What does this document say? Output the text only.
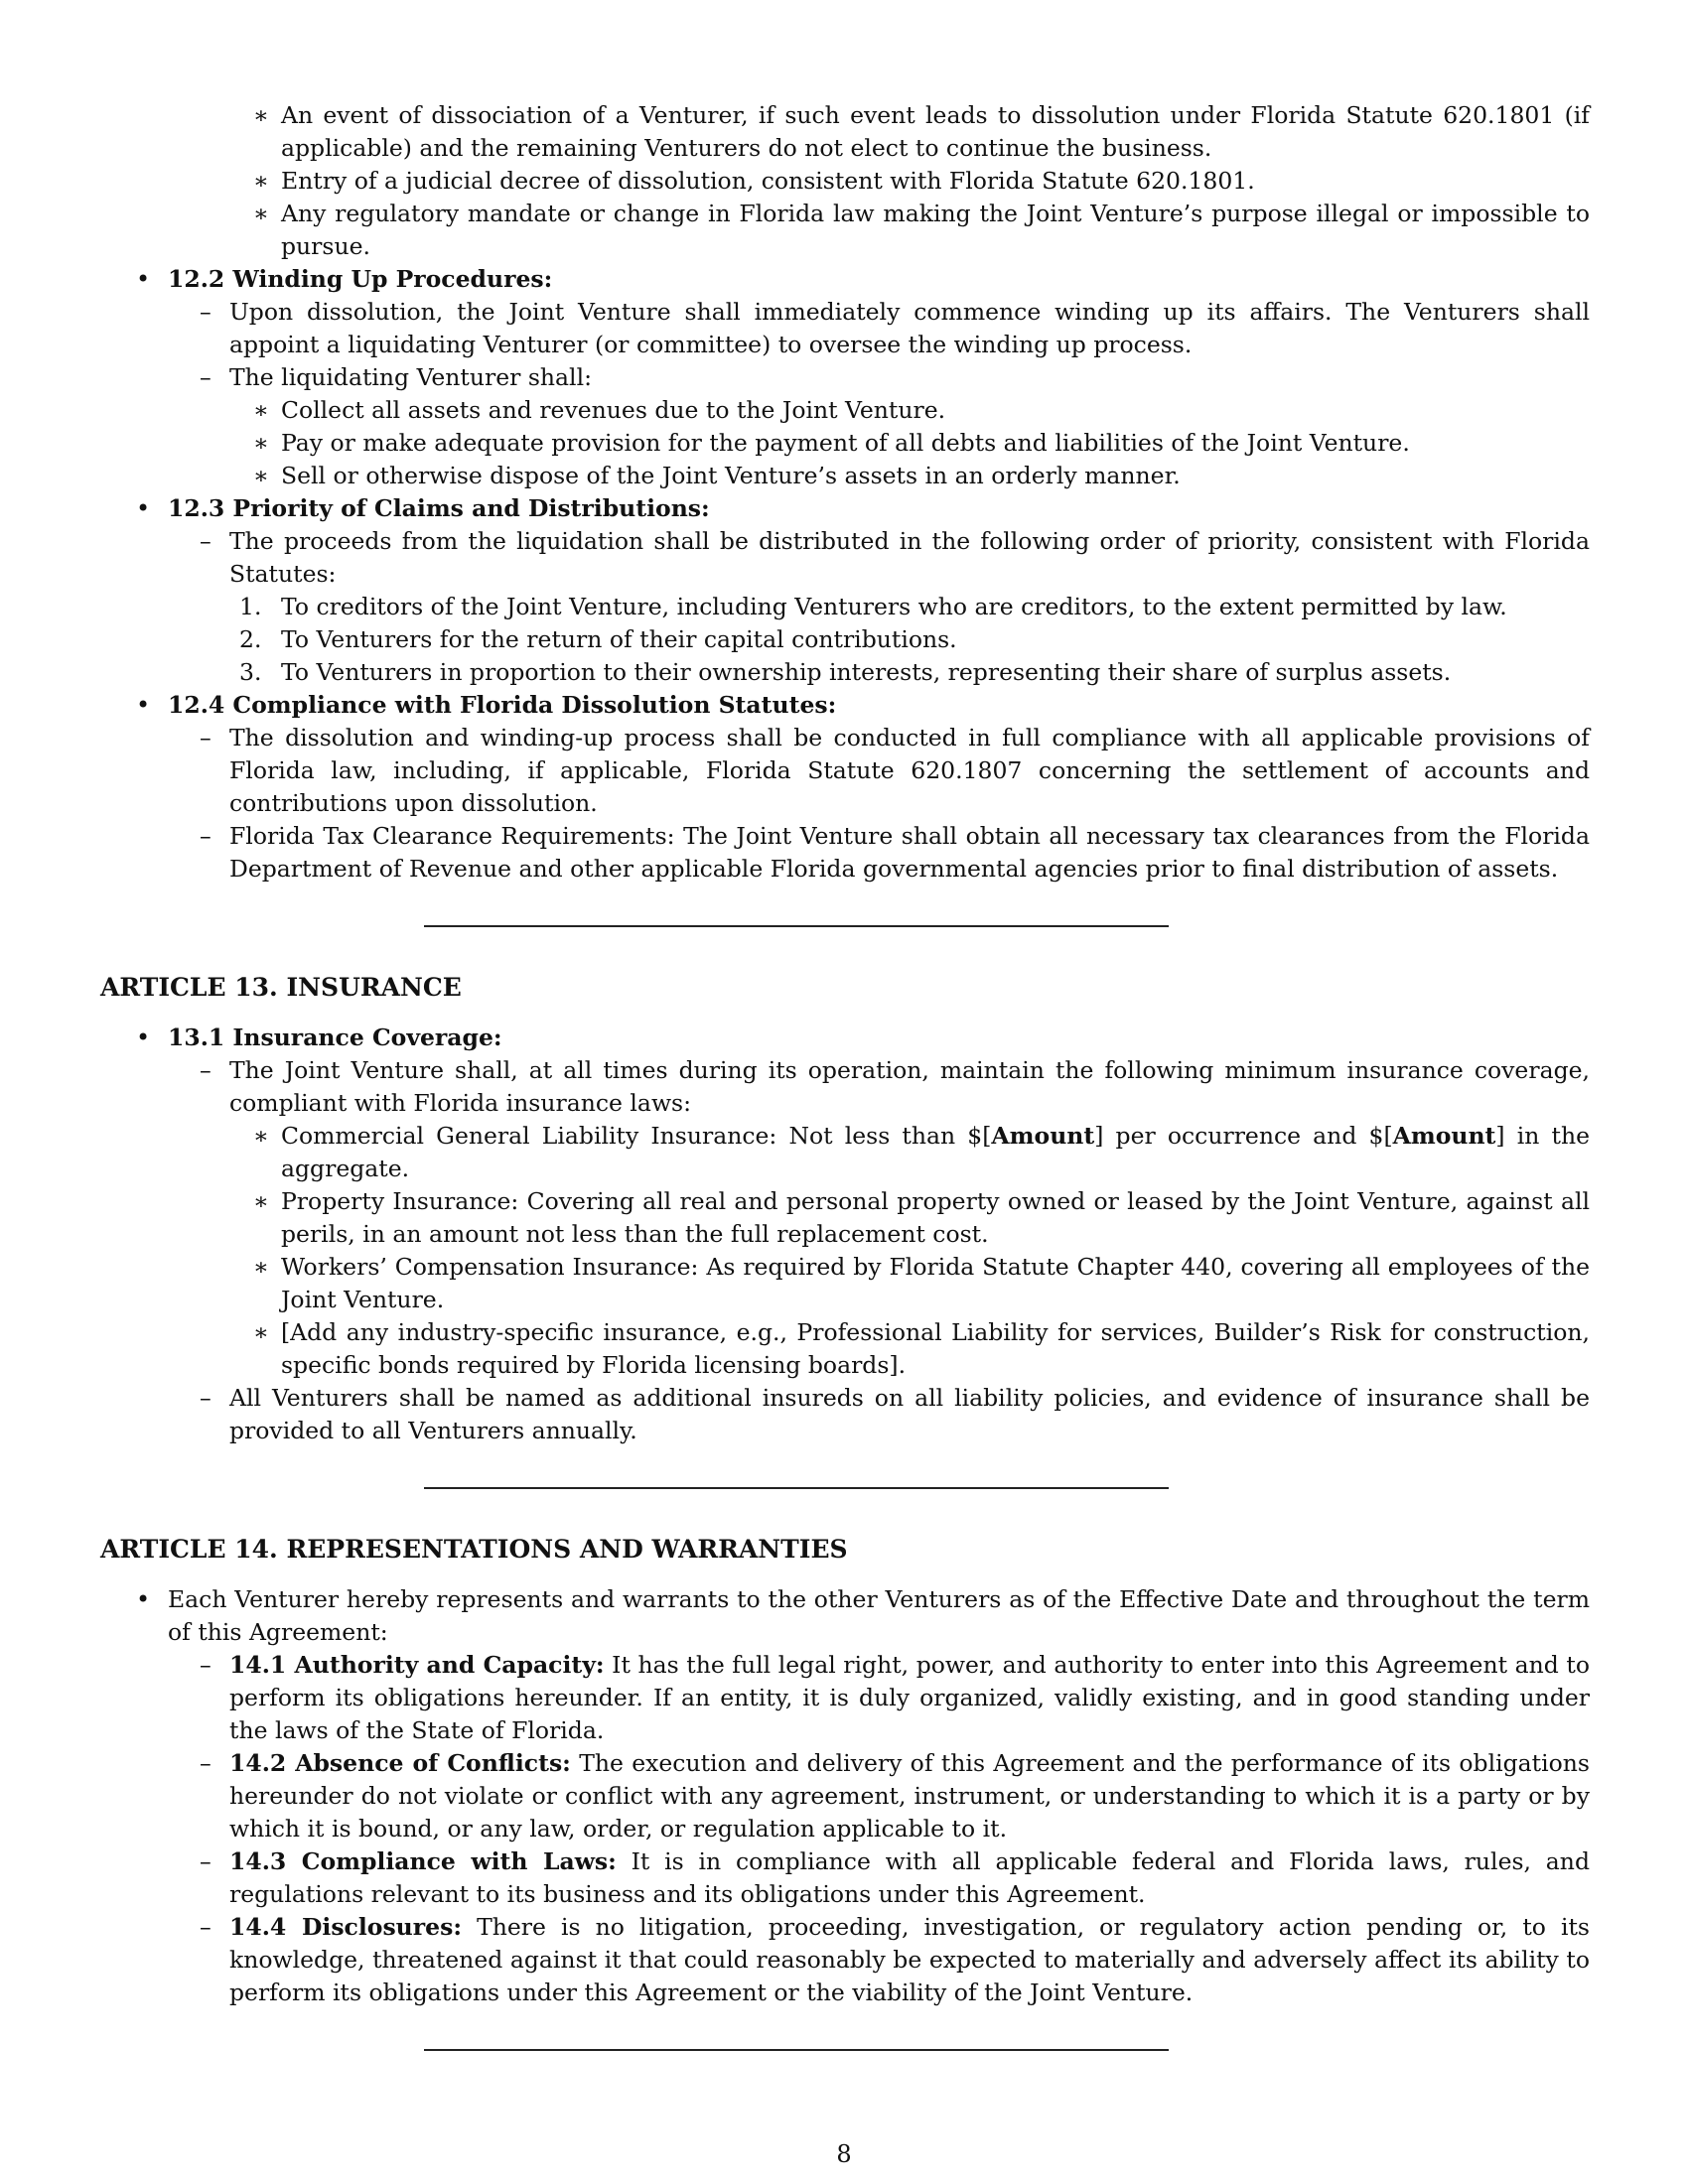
∗ An event of dissociation of a Venturer, if such event leads to dissolution under Florida Statute 620.1801 (if applicable) and the remaining Venturers do not elect to continue the business.
∗ Entry of a judicial decree of dissolution, consistent with Florida Statute 620.1801.
∗ Any regulatory mandate or change in Florida law making the Joint Venture’s purpose illegal or impossible to pursue.
• 12.2 Winding Up Procedures:
– Upon dissolution, the Joint Venture shall immediately commence winding up its affairs. The Venturers shall appoint a liquidating Venturer (or committee) to oversee the winding up process.
– The liquidating Venturer shall:
∗ Collect all assets and revenues due to the Joint Venture.
∗ Pay or make adequate provision for the payment of all debts and liabilities of the Joint Venture.
∗ Sell or otherwise dispose of the Joint Venture’s assets in an orderly manner.
• 12.3 Priority of Claims and Distributions:
– The proceeds from the liquidation shall be distributed in the following order of priority, consistent with Florida Statutes:
1. To creditors of the Joint Venture, including Venturers who are creditors, to the extent permitted by law.
2. To Venturers for the return of their capital contributions.
3. To Venturers in proportion to their ownership interests, representing their share of surplus assets.
• 12.4 Compliance with Florida Dissolution Statutes:
– The dissolution and winding-up process shall be conducted in full compliance with all applicable provisions of Florida law, including, if applicable, Florida Statute 620.1807 concerning the settlement of accounts and contributions upon dissolution.
– Florida Tax Clearance Requirements: The Joint Venture shall obtain all necessary tax clearances from the Florida Department of Revenue and other applicable Florida governmental agencies prior to final distribution of assets.
ARTICLE 13. INSURANCE
• 13.1 Insurance Coverage:
– The Joint Venture shall, at all times during its operation, maintain the following minimum insurance coverage, compliant with Florida insurance laws:
∗ Commercial General Liability Insurance: Not less than $[Amount] per occurrence and $[Amount] in the aggregate.
∗ Property Insurance: Covering all real and personal property owned or leased by the Joint Venture, against all perils, in an amount not less than the full replacement cost.
∗ Workers’ Compensation Insurance: As required by Florida Statute Chapter 440, covering all employees of the Joint Venture.
∗ [Add any industry-specific insurance, e.g., Professional Liability for services, Builder’s Risk for construction, specific bonds required by Florida licensing boards].
– All Venturers shall be named as additional insureds on all liability policies, and evidence of insurance shall be provided to all Venturers annually.
ARTICLE 14. REPRESENTATIONS AND WARRANTIES
• Each Venturer hereby represents and warrants to the other Venturers as of the Effective Date and throughout the term of this Agreement:
– 14.1 Authority and Capacity: It has the full legal right, power, and authority to enter into this Agreement and to perform its obligations hereunder. If an entity, it is duly organized, validly existing, and in good standing under the laws of the State of Florida.
– 14.2 Absence of Conflicts: The execution and delivery of this Agreement and the performance of its obligations hereunder do not violate or conflict with any agreement, instrument, or understanding to which it is a party or by which it is bound, or any law, order, or regulation applicable to it.
– 14.3 Compliance with Laws: It is in compliance with all applicable federal and Florida laws, rules, and regulations relevant to its business and its obligations under this Agreement.
– 14.4 Disclosures: There is no litigation, proceeding, investigation, or regulatory action pending or, to its knowledge, threatened against it that could reasonably be expected to materially and adversely affect its ability to perform its obligations under this Agreement or the viability of the Joint Venture.
8
